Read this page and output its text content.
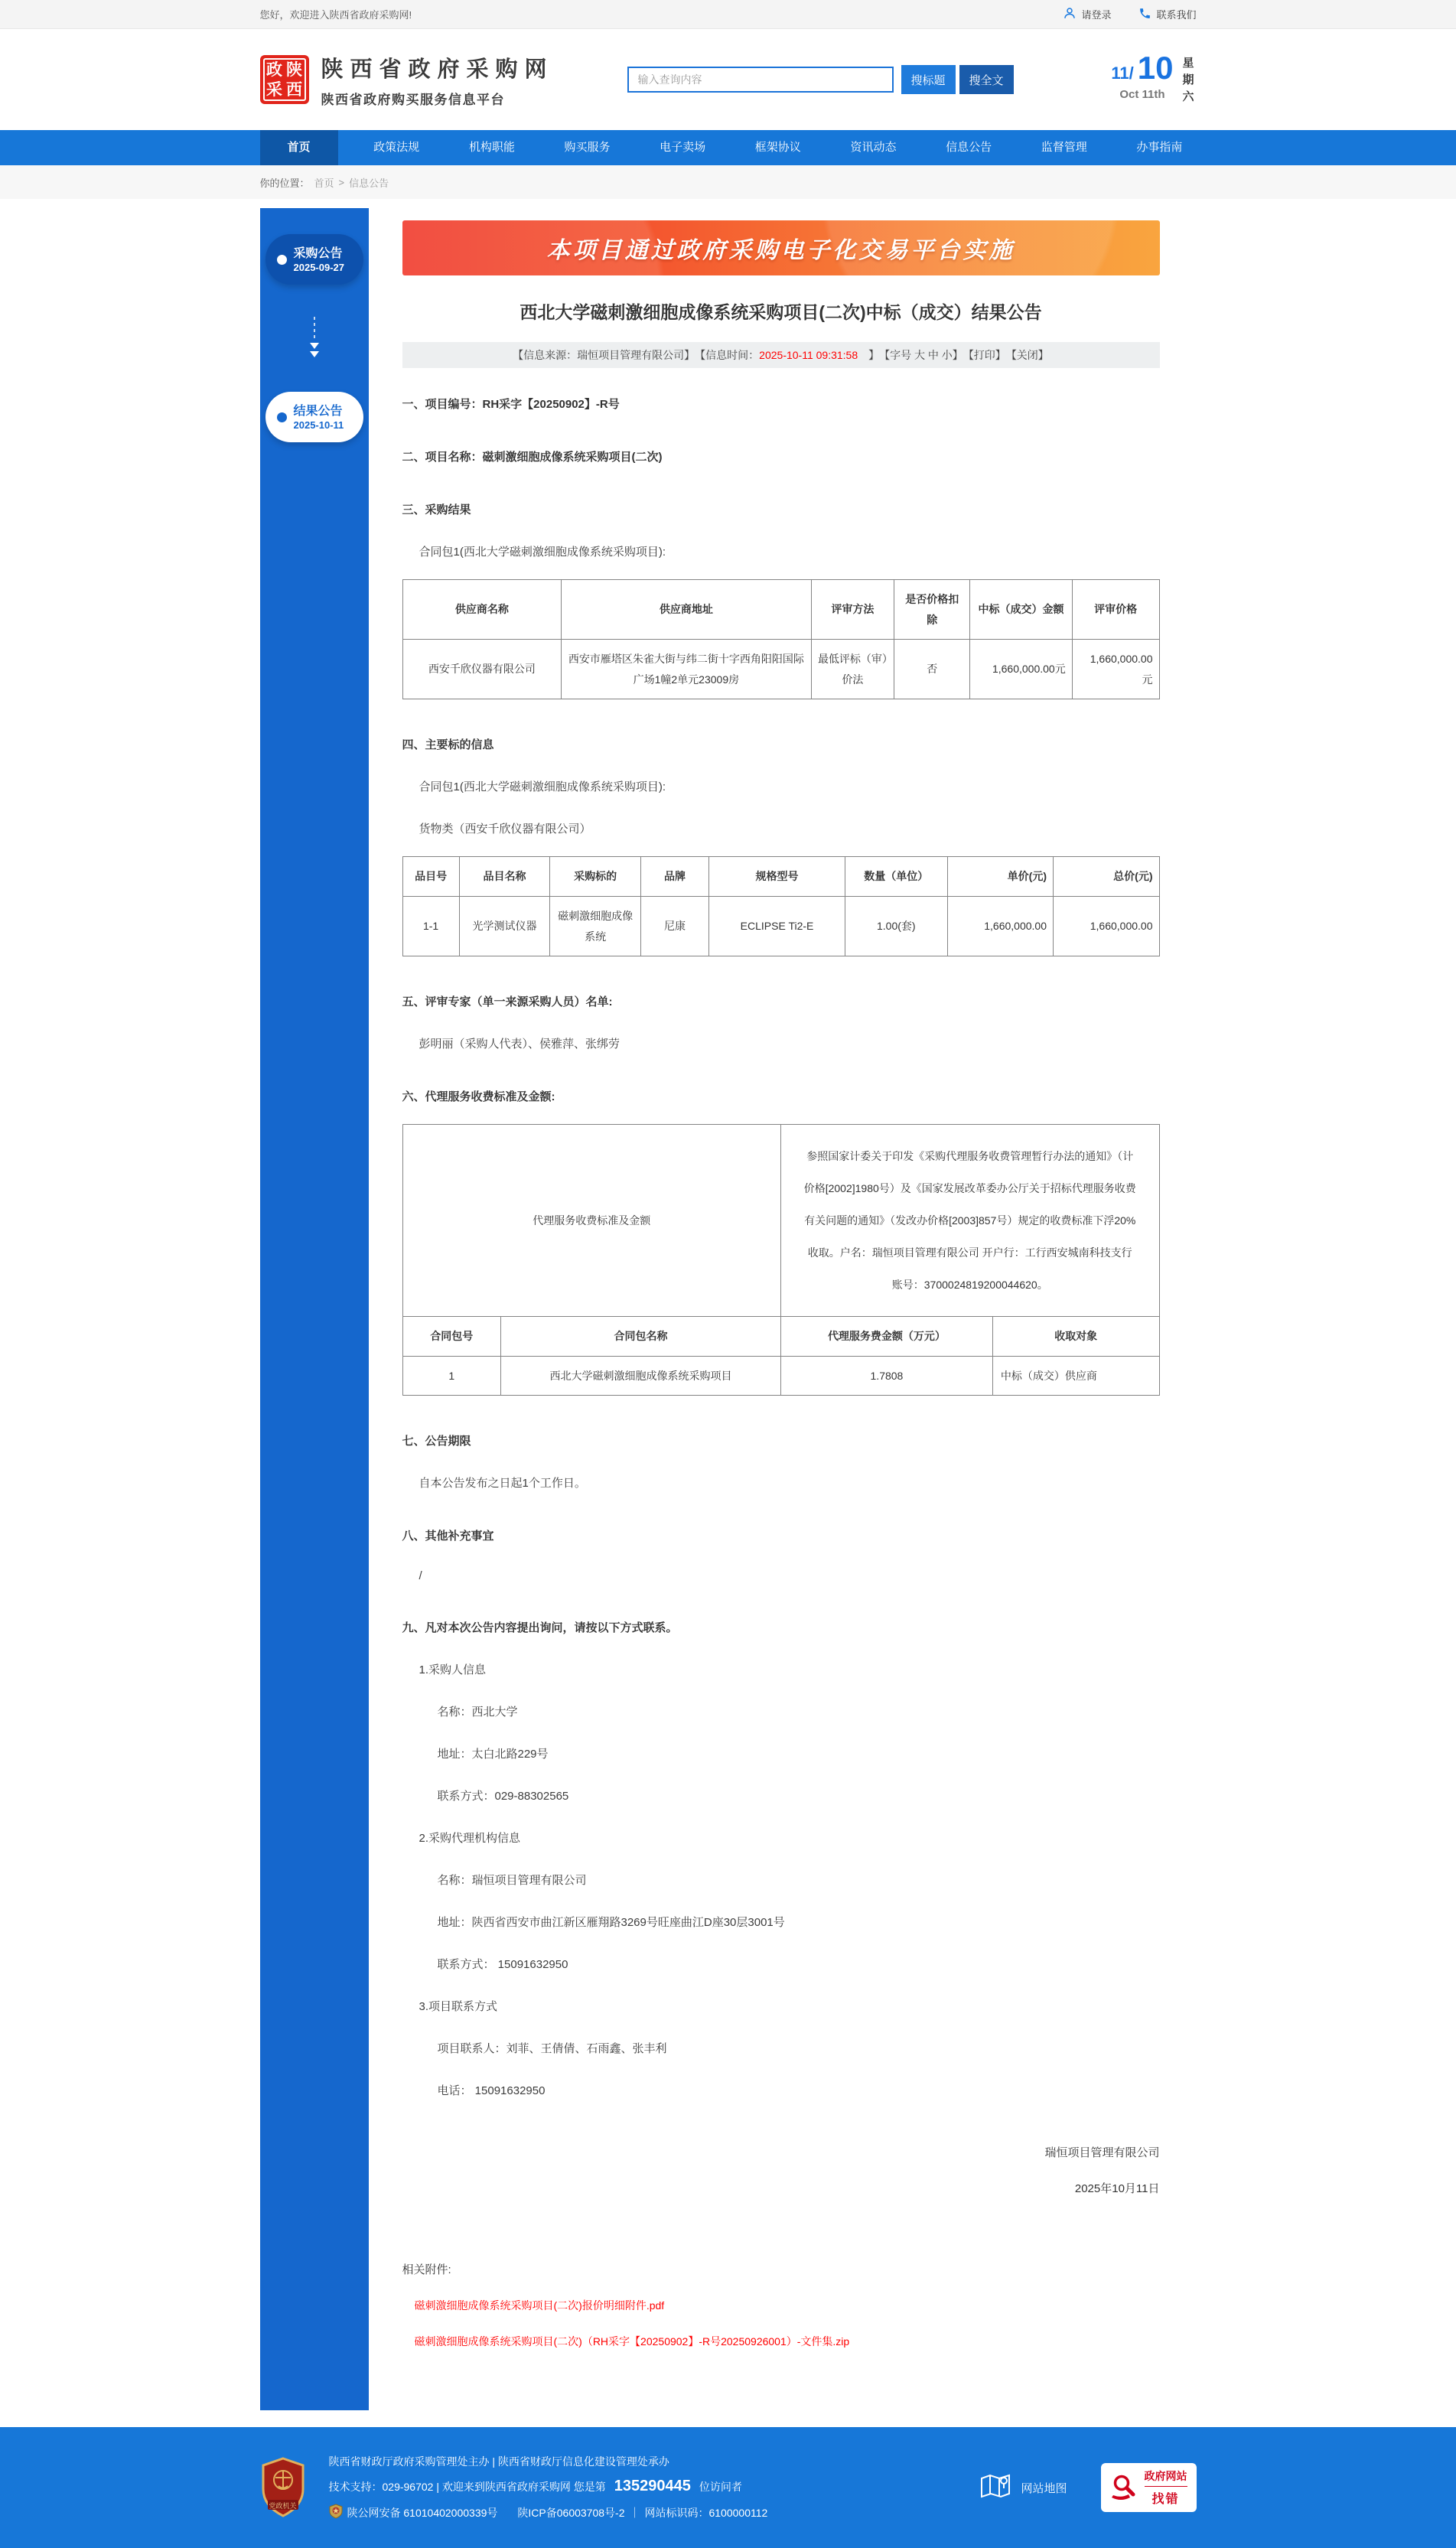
您好，欢迎进入陕西省政府采购网!	请登录	联系我们
政 陕
采 西
陕西省政府采购网
陕西省政府购买服务信息平台
输入查询内容
搜标题	搜全文	11/ 10
Oct 11th
星期六
首页	政策法规	机构职能	购买服务	电子卖场	框架协议	资讯动态	信息公告	监督管理	办事指南
你的位置： 首页 > 信息公告
采购公告
2025-09-27
结果公告
2025-10-11
本项目通过政府采购电子化交易平台实施
西北大学磁刺激细胞成像系统采购项目(二次)中标（成交）结果公告
【信息来源：瑞恒项目管理有限公司】 【信息时间： 2025-10-11 09:31:58 　】 【字号 大 中 小】 【打印】 【关闭】
一、项目编号：RH采字【20250902】-R号
二、项目名称：磁刺激细胞成像系统采购项目(二次)
三、采购结果
合同包1(西北大学磁刺激细胞成像系统采购项目):
供应商名称	供应商地址	评审方法	是否价格扣除	中标（成交）金额	评审价格
西安千欣仪器有限公司	西安市雁塔区朱雀大街与纬二街十字西角阳阳国际广场1幢2单元23009房	最低评标（审）价法	否	1,660,000.00元	1,660,000.00 元
四、主要标的信息
合同包1(西北大学磁刺激细胞成像系统采购项目):
货物类（西安千欣仪器有限公司）
品目号	品目名称	采购标的	品牌	规格型号	数量（单位）	单价(元)	总价(元)
1-1	光学测试仪器	磁刺激细胞成像系统	尼康	ECLIPSE Ti2-E	1.00(套)	1,660,000.00	1,660,000.00
五、评审专家（单一来源采购人员）名单:
彭明丽（采购人代表）、侯雅萍、张绑劳
六、代理服务收费标准及金额:
代理服务收费标准及金额		参照国家计委关于印发《采购代理服务收费管理暂行办法的通知》（计价格[2002]1980号）及《国家发展改革委办公厅关于招标代理服务收费有关问题的通知》（发改办价格[2003]857号）规定的收费标准下浮20%收取。户名：瑞恒项目管理有限公司 开户行：工行西安城南科技支行 账号：3700024819200044620。	
合同包号	合同包名称	代理服务费金额（万元）	收取对象
1	西北大学磁刺激细胞成像系统采购项目	1.7808	中标（成交）供应商
七、公告期限
自本公告发布之日起1个工作日。
八、其他补充事宜
/
九、凡对本次公告内容提出询问，请按以下方式联系。
1.采购人信息
名称：西北大学
地址：太白北路229号
联系方式：029-88302565
2.采购代理机构信息
名称：瑞恒项目管理有限公司
地址：陕西省西安市曲江新区雁翔路3269号旺座曲江D座30层3001号
联系方式： 15091632950
3.项目联系方式
项目联系人：刘菲、王倩倩、石雨鑫、张丰利
电话： 15091632950
瑞恒项目管理有限公司
2025年10月11日
相关附件:
磁刺激细胞成像系统采购项目(二次)报价明细附件.pdf
磁刺激细胞成像系统采购项目(二次)（RH采字【20250902】-R号20250926001）-文件集.zip
党政机关
陕西省财政厅政府采购管理处主办 | 陕西省财政厅信息化建设管理处承办
技术支持：029-96702 | 欢迎来到陕西省政府采购网 您是第 135290445 位访问者
陕公网安备 61010402000339号 陕ICP备06003708号-2 ｜ 网站标识码：6100000112
网站地图
政府网站
找错
